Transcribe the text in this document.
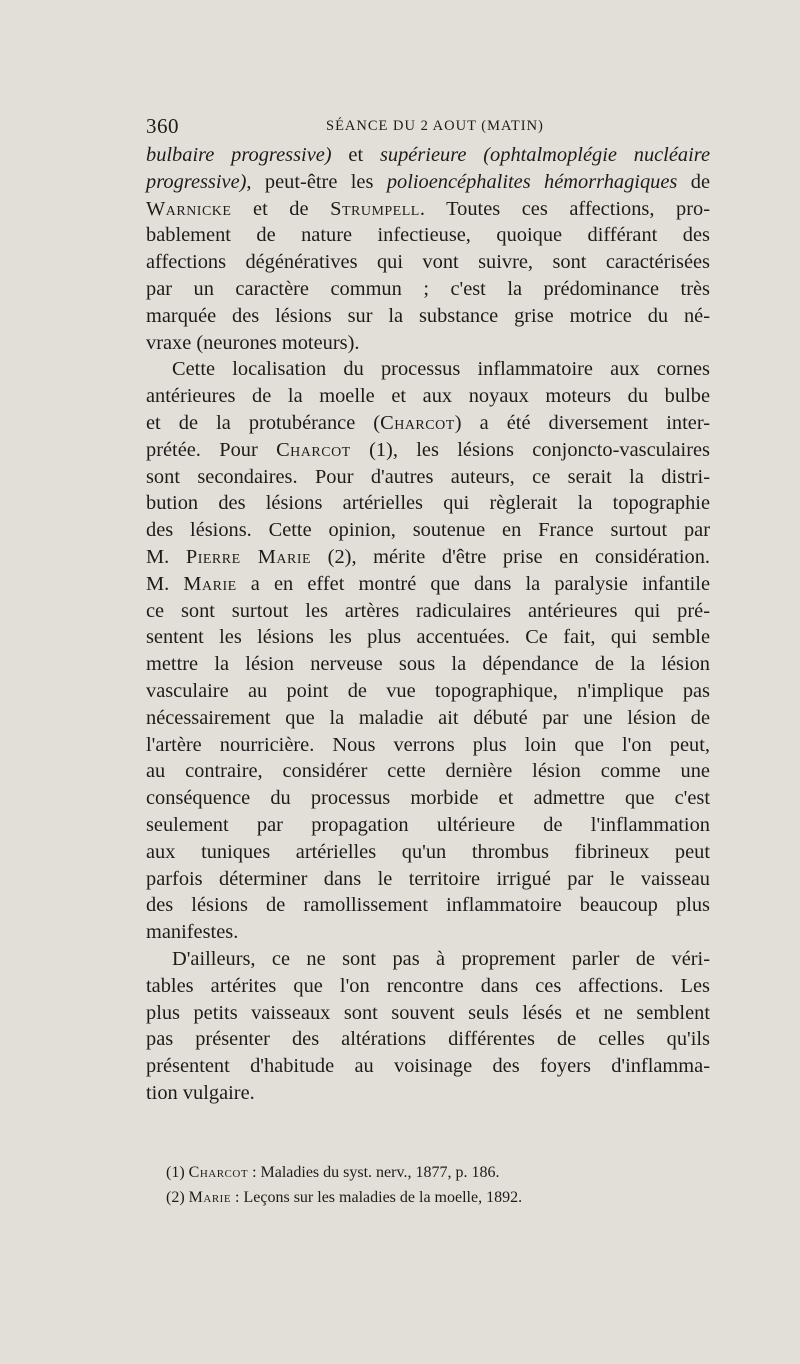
360	SÉANCE DU 2 AOUT (MATIN)
bulbaire progressive) et supérieure (ophtalmoplégie nucléaire
progressive), peut-être les polioencéphalites hémorrhagiques de
Warnicke et de Strumpell. Toutes ces affections, pro-
bablement de nature infectieuse, quoique différant des
affections dégénératives qui vont suivre, sont caractérisées
par un caractère commun ; c'est la prédominance très
marquée des lésions sur la substance grise motrice du né-
vraxe (neurones moteurs).
Cette localisation du processus inflammatoire aux cornes
antérieures de la moelle et aux noyaux moteurs du bulbe
et de la protubérance (Charcot) a été diversement inter-
prétée. Pour Charcot (1), les lésions conjoncto-vasculaires
sont secondaires. Pour d'autres auteurs, ce serait la distri-
bution des lésions artérielles qui règlerait la topographie
des lésions. Cette opinion, soutenue en France surtout par
M. Pierre Marie (2), mérite d'être prise en considération.
M. Marie a en effet montré que dans la paralysie infantile
ce sont surtout les artères radiculaires antérieures qui pré-
sentent les lésions les plus accentuées. Ce fait, qui semble
mettre la lésion nerveuse sous la dépendance de la lésion
vasculaire au point de vue topographique, n'implique pas
nécessairement que la maladie ait débuté par une lésion de
l'artère nourricière. Nous verrons plus loin que l'on peut,
au contraire, considérer cette dernière lésion comme une
conséquence du processus morbide et admettre que c'est
seulement par propagation ultérieure de l'inflammation
aux tuniques artérielles qu'un thrombus fibrineux peut
parfois déterminer dans le territoire irrigué par le vaisseau
des lésions de ramollissement inflammatoire beaucoup plus
manifestes.
D'ailleurs, ce ne sont pas à proprement parler de véri-
tables artérites que l'on rencontre dans ces affections. Les
plus petits vaisseaux sont souvent seuls lésés et ne semblent
pas présenter des altérations différentes de celles qu'ils
présentent d'habitude au voisinage des foyers d'inflamma-
tion vulgaire.
(1) Charcot : Maladies du syst. nerv., 1877, p. 186.
(2) Marie : Leçons sur les maladies de la moelle, 1892.
